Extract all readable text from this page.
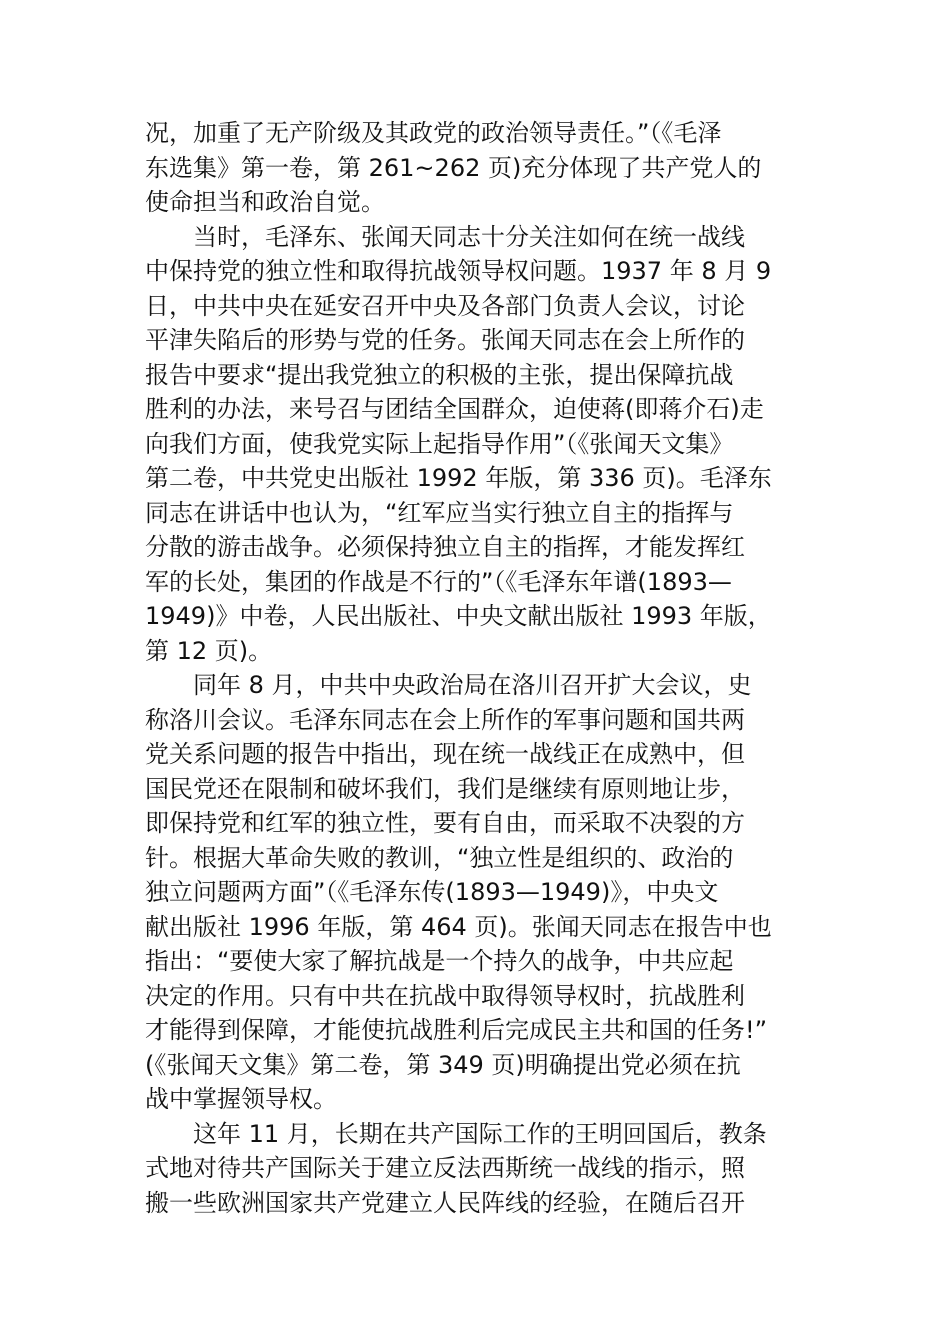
况，加重了无产阶级及其政党的政治领导责任。”（《毛泽
东选集》第一卷，第 261~262 页)充分体现了共产党人的
使命担当和政治自觉。
当时，毛泽东、张闻天同志十分关注如何在统一战线
中保持党的独立性和取得抗战领导权问题。1937 年 8 月 9
日，中共中央在延安召开中央及各部门负责人会议，讨论
平津失陷后的形势与党的任务。张闻天同志在会上所作的
报告中要求“提出我党独立的积极的主张，提出保障抗战
胜利的办法，来号召与团结全国群众，迫使蒋(即蒋介石)走
向我们方面，使我党实际上起指导作用”（《张闻天文集》
第二卷，中共党史出版社 1992 年版，第 336 页)。毛泽东
同志在讲话中也认为，“红军应当实行独立自主的指挥与
分散的游击战争。必须保持独立自主的指挥，才能发挥红
军的长处，集团的作战是不行的”（《毛泽东年谱(1893—
1949)》中卷，人民出版社、中央文献出版社 1993 年版，
第 12 页)。
同年 8 月，中共中央政治局在洛川召开扩大会议，史
称洛川会议。毛泽东同志在会上所作的军事问题和国共两
党关系问题的报告中指出，现在统一战线正在成熟中，但
国民党还在限制和破坏我们，我们是继续有原则地让步，
即保持党和红军的独立性，要有自由，而采取不决裂的方
针。根据大革命失败的教训，“独立性是组织的、政治的
独立问题两方面”（《毛泽东传(1893—1949)》，中央文
献出版社 1996 年版，第 464 页)。张闻天同志在报告中也
指出：“要使大家了解抗战是一个持久的战争，中共应起
决定的作用。只有中共在抗战中取得领导权时，抗战胜利
才能得到保障，才能使抗战胜利后完成民主共和国的任务!”
(《张闻天文集》第二卷，第 349 页)明确提出党必须在抗
战中掌握领导权。
这年 11 月，长期在共产国际工作的王明回国后，教条
式地对待共产国际关于建立反法西斯统一战线的指示，照
搬一些欧洲国家共产党建立人民阵线的经验，在随后召开
